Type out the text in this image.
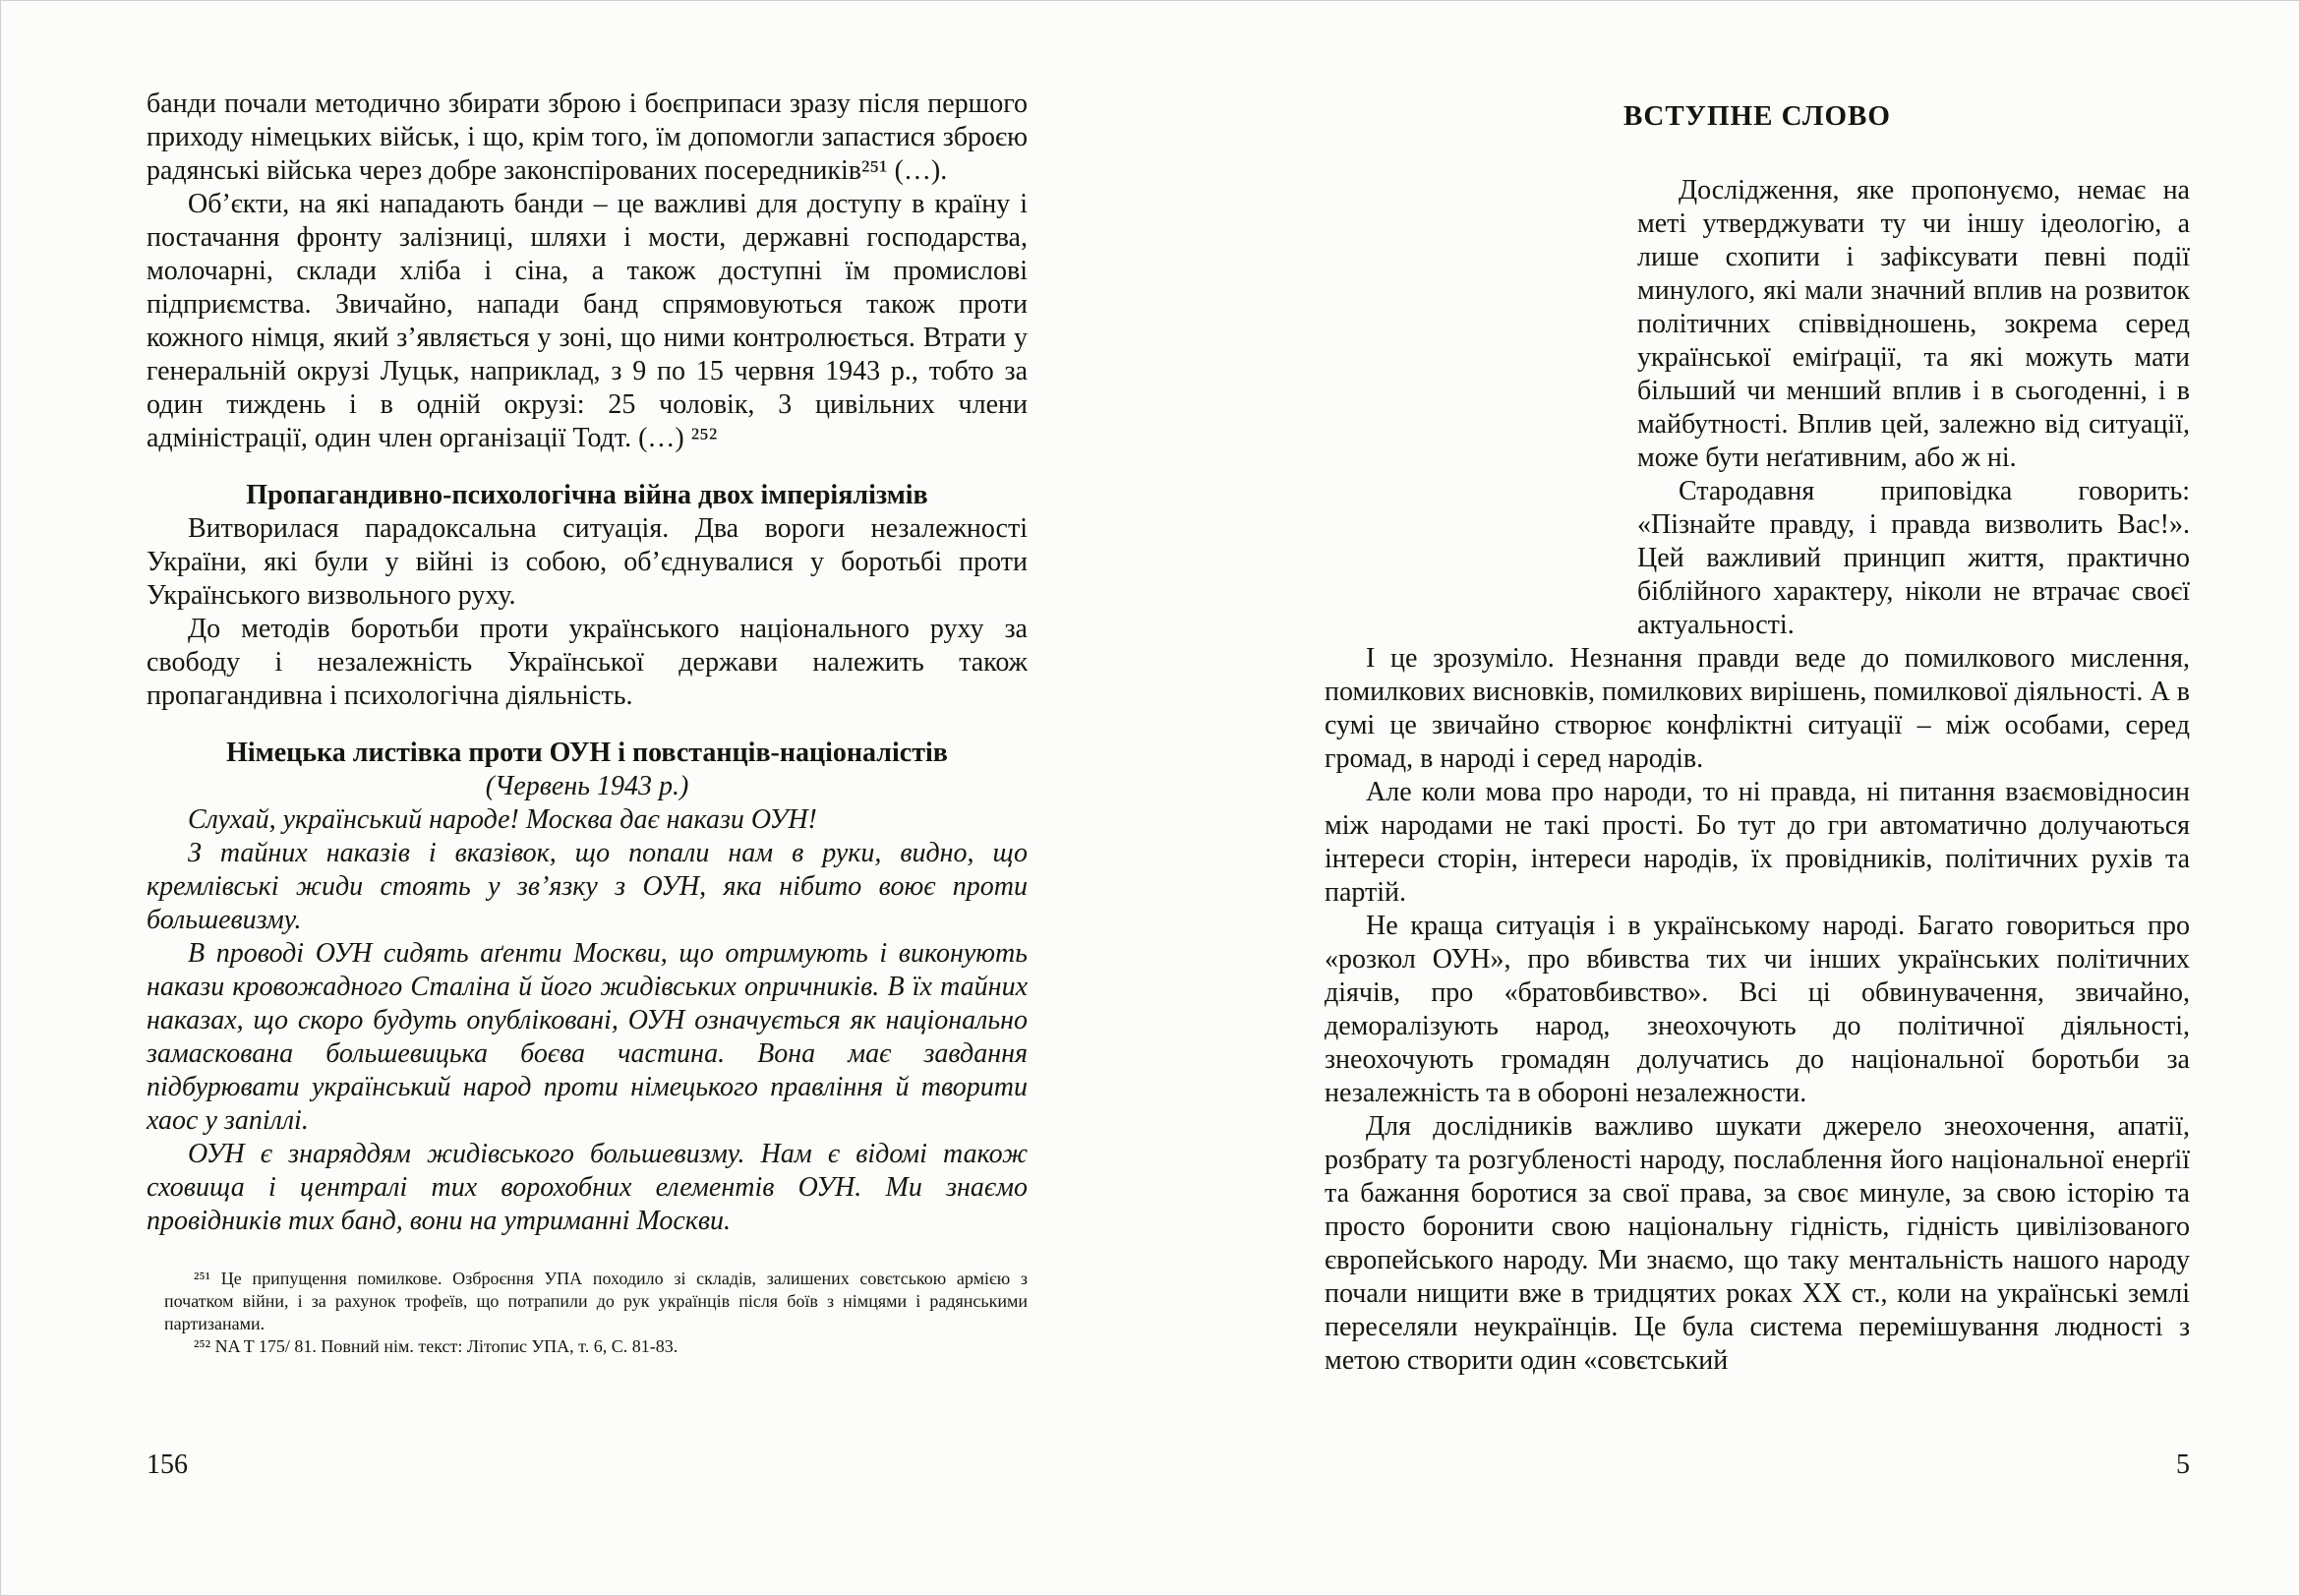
банди почали методично збирати зброю і боєприпаси зразу після першого приходу німецьких військ, і що, крім того, їм допомогли запастися зброєю радянські війська через добре законспірованих посередників²⁵¹ (…).

Об’єкти, на які нападають банди – це важливі для доступу в країну і постачання фронту залізниці, шляхи і мости, державні господарства, молочарні, склади хліба і сіна, а також доступні їм промислові підприємства. Звичайно, напади банд спрямовуються також проти кожного німця, який з’являється у зоні, що ними контролюється. Втрати у генеральній окрузі Луцьк, наприклад, з 9 по 15 червня 1943 р., тобто за один тиждень і в одній окрузі: 25 чоловік, 3 цивільних члени адміністрації, один член організації Тодт. (…) ²⁵²

Пропагандивно-психологічна війна двох імперіялізмів

Витворилася парадоксальна ситуація. Два вороги незалежності України, які були у війні із собою, об’єднувалися у боротьбі проти Українського визвольного руху.

До методів боротьби проти українського національного руху за свободу і незалежність Української держави належить також пропагандивна і психологічна діяльність.

Німецька листівка проти ОУН і повстанців-націоналістів

(Червень 1943 р.)

Слухай, український народе! Москва дає накази ОУН!

З тайних наказів і вказівок, що попали нам в руки, видно, що кремлівські жиди стоять у зв’язку з ОУН, яка нібито воює проти большевизму.

В проводі ОУН сидять аґенти Москви, що отримують і виконують накази кровожадного Сталіна й його жидівських опричників. В їх тайних наказах, що скоро будуть опубліковані, ОУН означується як національно замаскована большевицька боєва частина. Вона має завдання підбурювати український народ проти німецького правління й творити хаос у запіллі.

ОУН є знаряддям жидівського большевизму. Нам є відомі також сховища і централі тих ворохобних елементів ОУН. Ми знаємо провідників тих банд, вони на утриманні Москви.

²⁵¹ Це припущення помилкове. Озброєння УПА походило зі складів, залишених совєтською армією з початком війни, і за рахунок трофеїв, що потрапили до рук українців після боїв з німцями і радянськими партизанами.

²⁵² NA T 175/ 81. Повний нім. текст: Літопис УПА, т. 6, С. 81-83.

ВСТУПНЕ СЛОВО

Дослідження, яке пропонуємо, немає на меті утверджувати ту чи іншу ідеологію, а лише схопити і зафіксувати певні події минулого, які мали значний вплив на розвиток політичних співвідношень, зокрема серед української еміґрації, та які можуть мати більший чи менший вплив і в сьогоденні, і в майбутності. Вплив цей, залежно від ситуації, може бути неґативним, або ж ні.

Стародавня приповідка говорить: «Пізнайте правду, і правда визволить Вас!». Цей важливий принцип життя, практично біблійного характеру, ніколи не втрачає своєї актуальності.

І це зрозуміло. Незнання правди веде до помилкового мислення, помилкових висновків, помилкових вирішень, помилкової діяльності. А в сумі це звичайно створює конфліктні ситуації – між особами, серед громад, в народі і серед народів.

Але коли мова про народи, то ні правда, ні питання взаємовідносин між народами не такі прості. Бо тут до гри автоматично долучаються інтереси сторін, інтереси народів, їх провідників, політичних рухів та партій.

Не краща ситуація і в українському народі. Багато говориться про «розкол ОУН», про вбивства тих чи інших українських політичних діячів, про «братовбивство». Всі ці обвинувачення, звичайно, деморалізують народ, знеохочують до політичної діяльності, знеохочують громадян долучатись до національної боротьби за незалежність та в обороні незалежности.

Для дослідників важливо шукати джерело знеохочення, апатії, розбрату та розгубленості народу, послаблення його національної енерґії та бажання боротися за свої права, за своє минуле, за свою історію та просто боронити свою національну гідність, гідність цивілізованого європейського народу. Ми знаємо, що таку ментальність нашого народу почали нищити вже в тридцятих роках ХХ ст., коли на українські землі переселяли неукраїнців. Це була система перемішування людності з метою створити один «совєтський

156	5
